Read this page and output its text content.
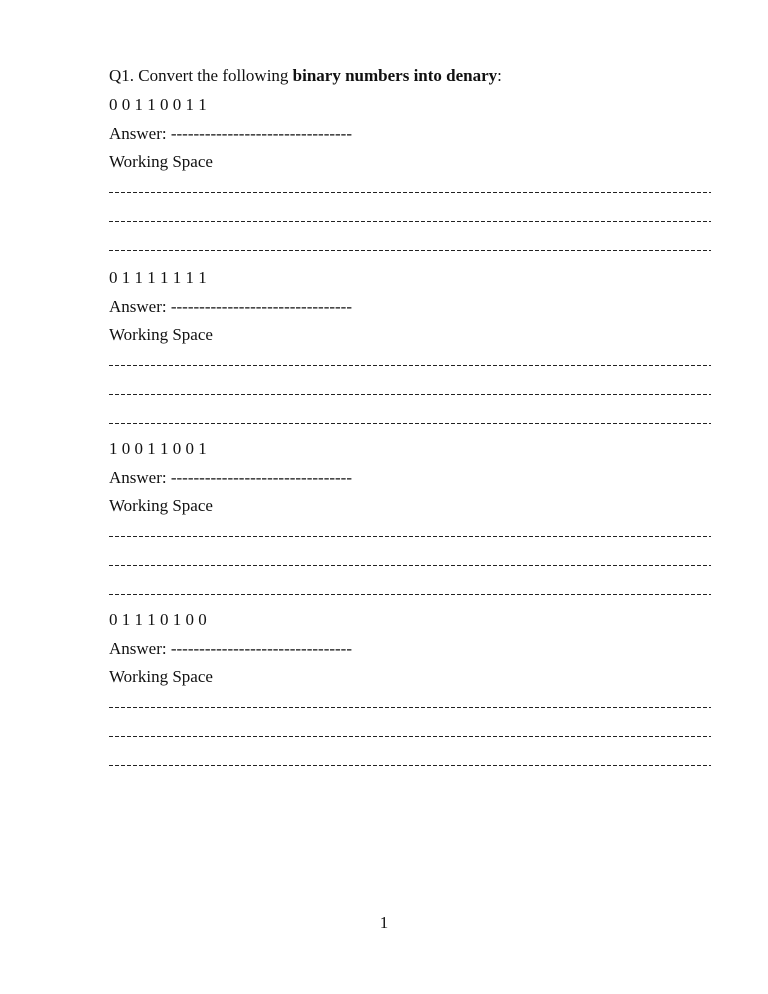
Q1. Convert the following binary numbers into denary:
0 0 1 1 0 0 1 1
Answer: --------------------------------
Working Space
0 1 1 1 1 1 1 1
Answer: --------------------------------
Working Space
1 0 0 1 1 0 0 1
Answer: --------------------------------
Working Space
0 1 1 1 0 1 0 0
Answer: --------------------------------
Working Space
1
